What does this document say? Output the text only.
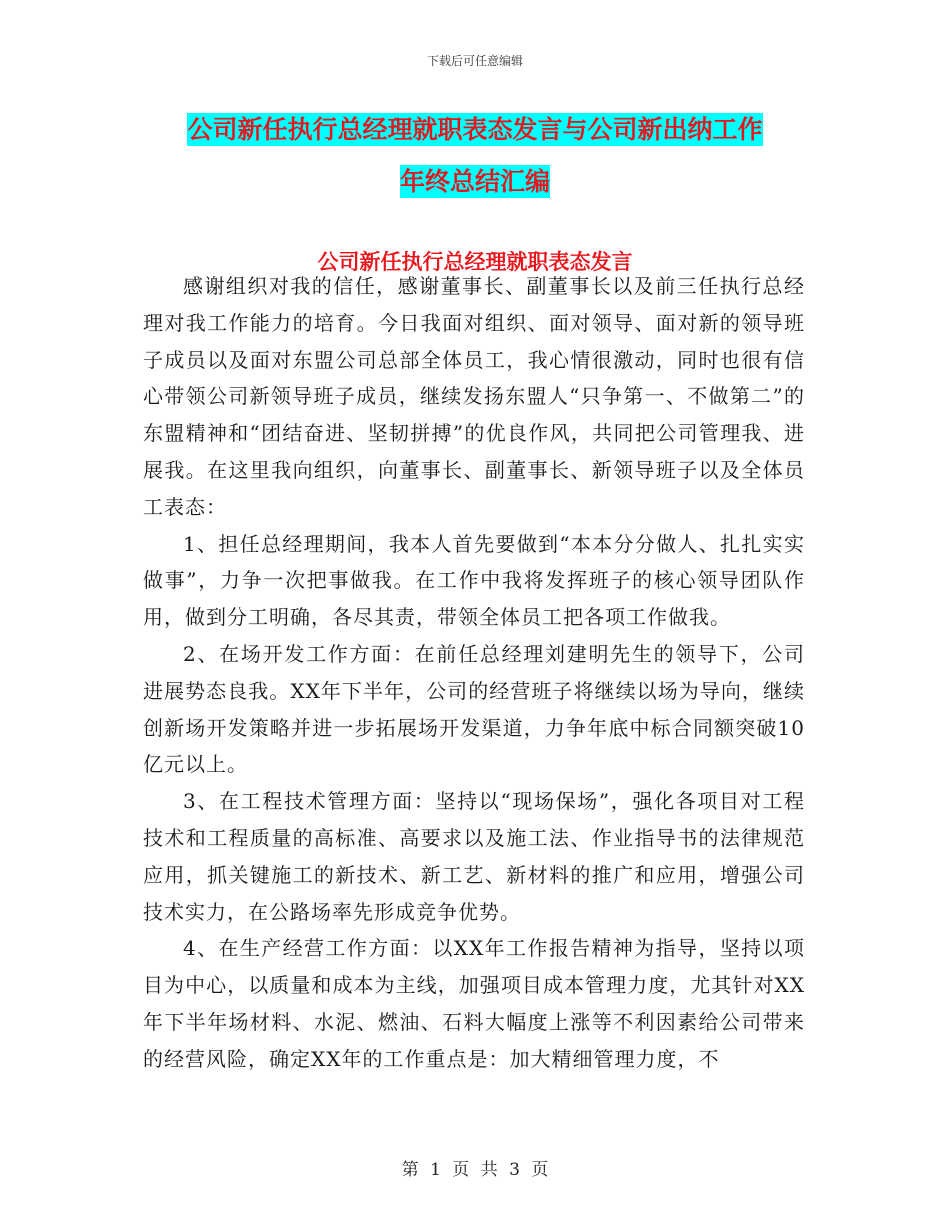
下载后可任意编辑
公司新任执行总经理就职表态发言与公司新出纳工作
年终总结汇编
公司新任执行总经理就职表态发言

感谢组织对我的信任，感谢董事长、副董事长以及前三任执行总经理对我工作能力的培育。今日我面对组织、面对领导、面对新的领导班子成员以及面对东盟公司总部全体员工，我心情很激动，同时也很有信心带领公司新领导班子成员，继续发扬东盟人“只争第一、不做第二”的东盟精神和“团结奋进、坚韧拼搏”的优良作风，共同把公司管理我、进展我。在这里我向组织，向董事长、副董事长、新领导班子以及全体员工表态：

1、担任总经理期间，我本人首先要做到“本本分分做人、扎扎实实做事”，力争一次把事做我。在工作中我将发挥班子的核心领导团队作用，做到分工明确，各尽其责，带领全体员工把各项工作做我。

2、在场开发工作方面：在前任总经理刘建明先生的领导下，公司进展势态良我。XX年下半年，公司的经营班子将继续以场为导向，继续创新场开发策略并进一步拓展场开发渠道，力争年底中标合同额突破10亿元以上。

3、在工程技术管理方面：坚持以“现场保场”，强化各项目对工程技术和工程质量的高标准、高要求以及施工法、作业指导书的法律规范应用，抓关键施工的新技术、新工艺、新材料的推广和应用，增强公司技术实力，在公路场率先形成竞争优势。

4、在生产经营工作方面：以XX年工作报告精神为指导，坚持以项目为中心，以质量和成本为主线，加强项目成本管理力度，尤其针对XX年下半年场材料、水泥、燃油、石料大幅度上涨等不利因素给公司带来的经营风险，确定XX年的工作重点是：加大精细管理力度，不

第 1 页 共 3 页
